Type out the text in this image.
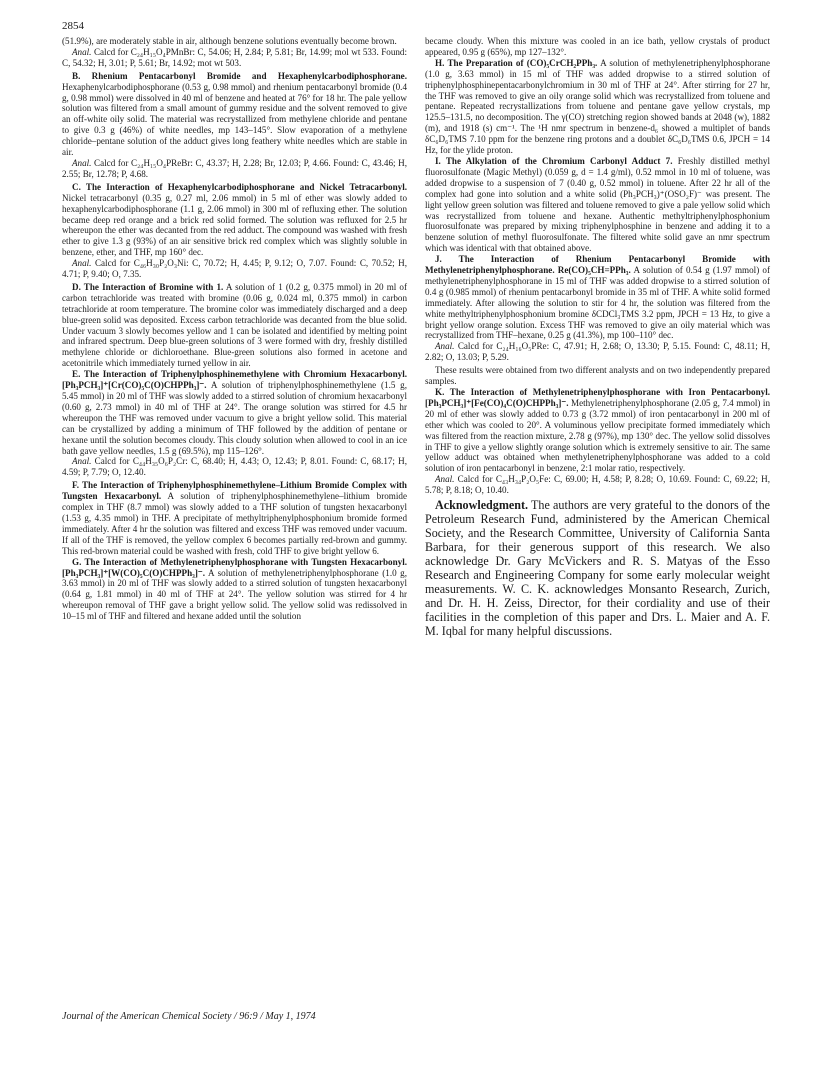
2854

(51.9%), are moderately stable in air, although benzene solutions eventually become brown.

Anal. Calcd for C₂₄H₁₅O₄PMnBr: C, 54.06; H, 2.84; P, 5.81; Br, 14.99; mol wt 533. Found: C, 54.32; H, 3.01; P, 5.61; Br, 14.92; mot wt 503.

B. Rhenium Pentacarbonyl Bromide and Hexaphenylcarbodiphosphorane. Hexaphenylcarbodiphosphorane (0.53 g, 0.98 mmol) and rhenium pentacarbonyl bromide (0.4 g, 0.98 mmol) were dissolved in 40 ml of benzene and heated at 76° for 18 hr. The pale yellow solution was filtered from a small amount of gummy residue and the solvent removed to give an off-white oily solid. The material was recrystallized from methylene chloride and pentane to give 0.3 g (46%) of white needles, mp 143–145°. Slow evaporation of a methylene chloride–pentane solution of the adduct gives long feathery white needles which are stable in air.

Anal. Calcd for C₂₄H₁₅O₄PReBr: C, 43.37; H, 2.28; Br, 12.03; P, 4.66. Found: C, 43.46; H, 2.55; Br, 12.78; P, 4.68.

C. The Interaction of Hexaphenylcarbodiphosphorane and Nickel Tetracarbonyl. Nickel tetracarbonyl (0.35 g, 0.27 ml, 2.06 mmol) in 5 ml of ether was slowly added to hexaphenylcarbodiphosphorane (1.1 g, 2.06 mmol) in 300 ml of refluxing ether. The solution became deep red orange and a brick red solid formed. The solution was refluxed for 2.5 hr whereupon the ether was decanted from the red adduct. The compound was washed with fresh ether to give 1.3 g (93%) of an air sensitive brick red complex which was slightly soluble in benzene, ether, and THF, mp 160° dec.

Anal. Calcd for C₄₆H₃₀P₂O₃Ni: C, 70.72; H, 4.45; P, 9.12; O, 7.07. Found: C, 70.52; H, 4.71; P, 9.40; O, 7.35.

D. The Interaction of Bromine with 1. A solution of 1 (0.2 g, 0.375 mmol) in 20 ml of carbon tetrachloride was treated with bromine (0.06 g, 0.024 ml, 0.375 mmol) in carbon tetrachloride at room temperature. The bromine color was immediately discharged and a deep blue-green solid was deposited. Excess carbon tetrachloride was decanted from the blue solid. Under vacuum 3 slowly becomes yellow and 1 can be isolated and identified by melting point and infrared spectrum. Deep blue-green solutions of 3 were formed with dry, freshly distilled methylene chloride or dichloroethane. Blue-green solutions also formed in acetone and acetonitrile which immediately turned yellow in air.

E. The Interaction of Triphenylphosphinemethylene with Chromium Hexacarbonyl. [Ph₃PCH₃]⁺[Cr(CO)₅C(O)CHPPh₃]⁻. A solution of triphenylphosphinemethylene (1.5 g, 5.45 mmol) in 20 ml of THF was slowly added to a stirred solution of chromium hexacarbonyl (0.60 g, 2.73 mmol) in 40 ml of THF at 24°. The orange solution was stirred for 4.5 hr whereupon the THF was removed under vacuum to give a bright yellow solid. This material can be crystallized by adding a minimum of THF followed by the addition of pentane or hexane until the solution becomes cloudy. This cloudy solution when allowed to cool in an ice bath gave yellow needles, 1.5 g (69.5%), mp 115–126°.

Anal. Calcd for C₄₄H₃₅O₆P₂Cr: C, 68.40; H, 4.43; O, 12.43; P, 8.01. Found: C, 68.17; H, 4.59; P, 7.79; O, 12.40.

F. The Interaction of Triphenylphosphinemethylene–Lithium Bromide Complex with Tungsten Hexacarbonyl. A solution of triphenylphosphinemethylene–lithium bromide complex in THF (8.7 mmol) was slowly added to a THF solution of tungsten hexacarbonyl (1.53 g, 4.35 mmol) in THF. A precipitate of methyltriphenylphosphonium bromide formed immediately. After 4 hr the solution was filtered and excess THF was removed under vacuum. If all of the THF is removed, the yellow complex 6 becomes partially red-brown and gummy. This red-brown material could be washed with fresh, cold THF to give bright yellow 6.

G. The Interaction of Methylenetriphenylphosphorane with Tungsten Hexacarbonyl. [Ph₃PCH₃]⁺[W(CO)₅C(O)CHPPh₃]⁻. A solution of methylenetriphenylphosphorane (1.0 g, 3.63 mmol) in 20 ml of THF was slowly added to a stirred solution of tungsten hexacarbonyl (0.64 g, 1.81 mmol) in 40 ml of THF at 24°. The yellow solution was stirred for 4 hr whereupon removal of THF gave a bright yellow solid. The yellow solid was redissolved in 10–15 ml of THF and filtered and hexane added until the solution

became cloudy. When this mixture was cooled in an ice bath, yellow crystals of product appeared, 0.95 g (65%), mp 127–132°.

H. The Preparation of (CO)₅CrCH₂PPh₃. A solution of methylenetriphenylphosphorane (1.0 g, 3.63 mmol) in 15 ml of THF was added dropwise to a stirred solution of triphenylphosphinepentacarbonylchromium in 30 ml of THF at 24°. After stirring for 27 hr, the THF was removed to give an oily orange solid which was recrystallized from toluene and pentane. Repeated recrystallizations from toluene and pentane gave yellow crystals, mp 125.5–131.5, no decomposition. The γ(CO) stretching region showed bands at 2048 (w), 1882 (m), and 1918 (s) cm⁻¹. The ¹H nmr spectrum in benzene-d₆ showed a multiplet of bands δC₆D₆TMS 7.10 ppm for the benzene ring protons and a doublet δC₆D₆TMS 0.6, JPCH = 14 Hz, for the ylide proton.

I. The Alkylation of the Chromium Carbonyl Adduct 7. Freshly distilled methyl fluorosulfonate (Magic Methyl) (0.059 g, d = 1.4 g/ml), 0.52 mmol in 10 ml of toluene, was added dropwise to a suspension of 7 (0.40 g, 0.52 mmol) in toluene. After 22 hr all of the complex had gone into solution and a white solid (Ph₃PCH₃)⁺(OSO₂F)⁻ was present. The light yellow green solution was filtered and toluene removed to give a pale yellow solid which was recrystallized from toluene and hexane. Authentic methyltriphenylphosphonium fluorosulfonate was prepared by mixing triphenylphosphine in benzene and adding it to a benzene solution of methyl fluorosulfonate. The filtered white solid gave an nmr spectrum which was identical with that obtained above.

J. The Interaction of Rhenium Pentacarbonyl Bromide with Methylenetriphenylphosphorane. Re(CO)₅CH=PPh₃. A solution of 0.54 g (1.97 mmol) of methylenetriphenylphosphorane in 15 ml of THF was added dropwise to a stirred solution of 0.4 g (0.985 mmol) of rhenium pentacarbonyl bromide in 35 ml of THF. A white solid formed immediately. After allowing the solution to stir for 4 hr, the solution was filtered from the white methyltriphenylphosphonium bromine δCDCl₃TMS 3.2 ppm, JPCH = 13 Hz, to give a bright yellow orange solution. Excess THF was removed to give an oily material which was recrystallized from THF–hexane, 0.25 g (41.3%), mp 100–110° dec.

Anal. Calcd for C₂₄H₁₆O₅PRe: C, 47.91; H, 2.68; O, 13.30; P, 5.15. Found: C, 48.11; H, 2.82; O, 13.03; P, 5.29.

These results were obtained from two different analysts and on two independently prepared samples.

K. The Interaction of Methylenetriphenylphosphorane with Iron Pentacarbonyl. [Ph₃PCH₃]⁺[Fe(CO)₄C(O)CHPPh₃]⁻. Methylenetriphenylphosphorane (2.05 g, 7.4 mmol) in 20 ml of ether was slowly added to 0.73 g (3.72 mmol) of iron pentacarbonyl in 200 ml of ether which was cooled to 20°. A voluminous yellow precipitate formed immediately which was filtered from the reaction mixture, 2.78 g (97%), mp 130° dec. The yellow solid dissolves in THF to give a yellow slightly orange solution which is extremely sensitive to air. The same yellow adduct was obtained when methylenetriphenylphosphorane was added to a cold solution of iron pentacarbonyl in benzene, 2:1 molar ratio, respectively.

Anal. Calcd for C₄₃H₃₄P₂O₅Fe: C, 69.00; H, 4.58; P, 8.28; O, 10.69. Found: C, 69.22; H, 5.78; P, 8.18; O, 10.40.

Acknowledgment. The authors are very grateful to the donors of the Petroleum Research Fund, administered by the American Chemical Society, and the Research Committee, University of California Santa Barbara, for their generous support of this research. We also acknowledge Dr. Gary McVickers and R. S. Matyas of the Esso Research and Engineering Company for some early molecular weight measurements. W. C. K. acknowledges Monsanto Research, Zurich, and Dr. H. H. Zeiss, Director, for their cordiality and use of their facilities in the completion of this paper and Drs. L. Maier and A. F. M. Iqbal for many helpful discussions.

Journal of the American Chemical Society / 96:9 / May 1, 1974
